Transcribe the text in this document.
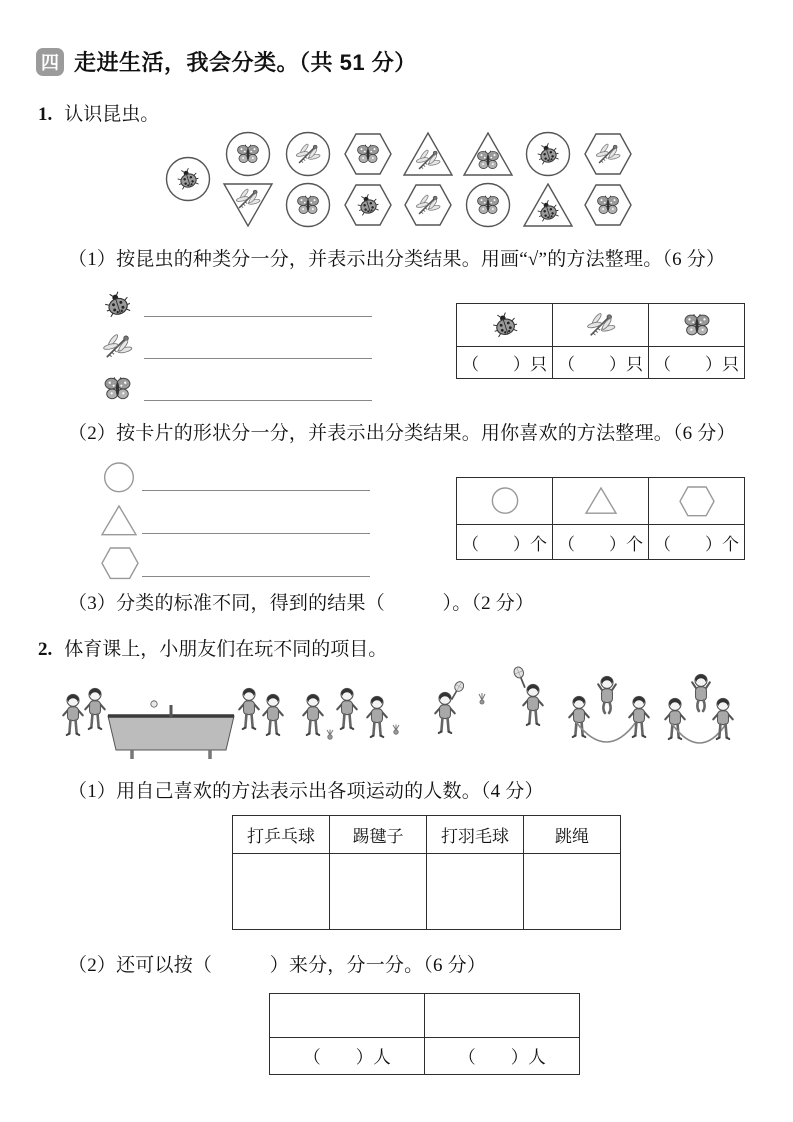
四 走进生活，我会分类。（共 51 分）
1. 认识昆虫。
（1）按昆虫的种类分一分，并表示出分类结果。用画“√”的方法整理。（6 分）

（　　）只	（　　）只	（　　）只
（2）按卡片的形状分一分，并表示出分类结果。用你喜欢的方法整理。（6 分）

（　　）个	（　　）个	（　　）个
（3）分类的标准不同，得到的结果（　　　）。（2 分）
2. 体育课上，小朋友们在玩不同的项目。
（1）用自己喜欢的方法表示出各项运动的人数。（4 分）
打乒乓球	踢毽子	打羽毛球	跳绳

（2）还可以按（　　　）来分，分一分。（6 分）

（　　）人	（　　）人
